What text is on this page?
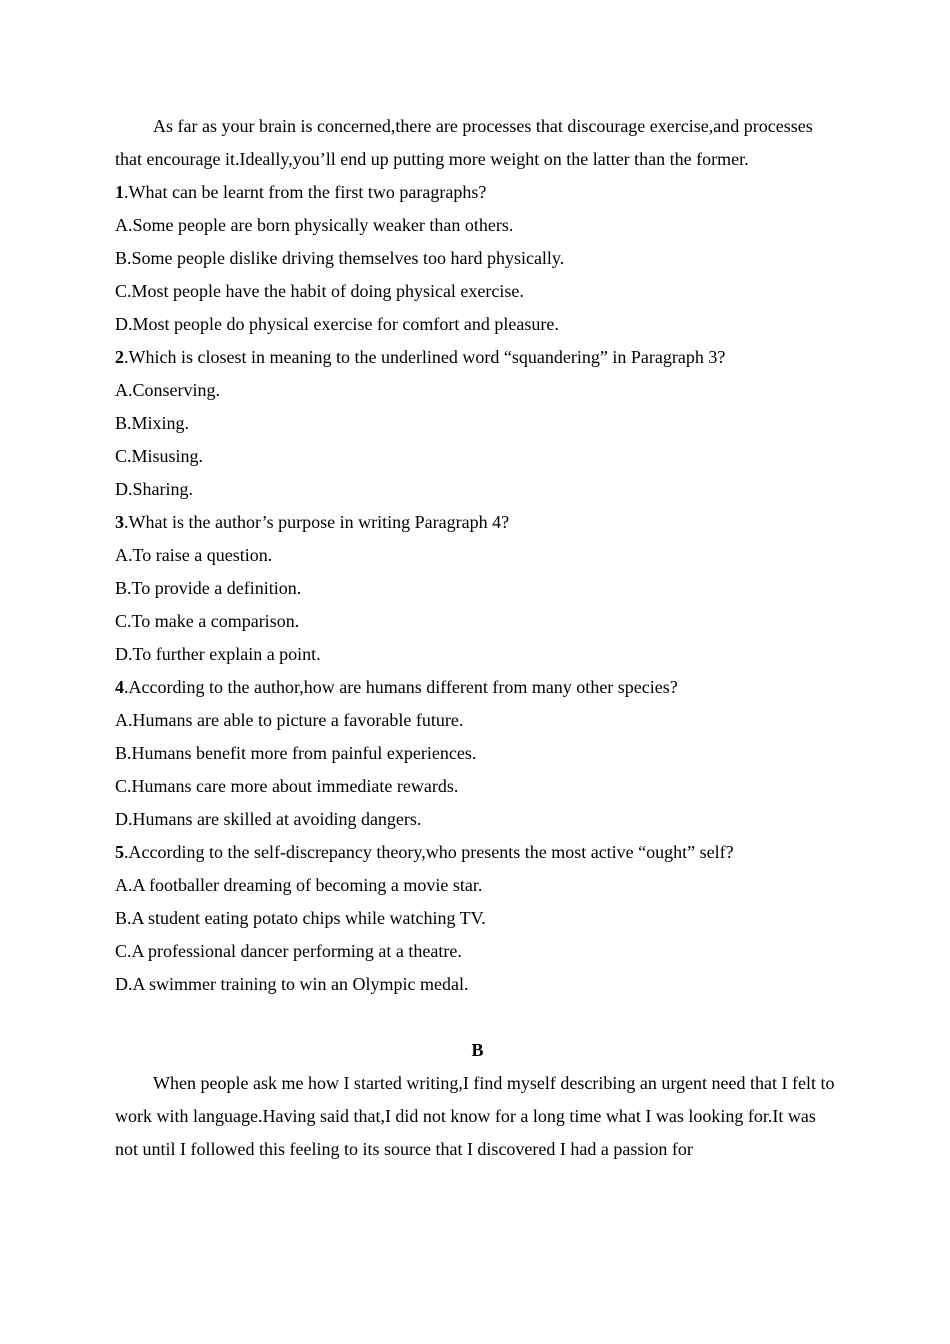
As far as your brain is concerned,there are processes that discourage exercise,and processes that encourage it.Ideally,you’ll end up putting more weight on the latter than the former.

1.What can be learnt from the first two paragraphs?

A.Some people are born physically weaker than others.

B.Some people dislike driving themselves too hard physically.

C.Most people have the habit of doing physical exercise.

D.Most people do physical exercise for comfort and pleasure.

2.Which is closest in meaning to the underlined word “squandering” in Paragraph 3?

A.Conserving.

B.Mixing.

C.Misusing.

D.Sharing.

3.What is the author’s purpose in writing Paragraph 4?

A.To raise a question.

B.To provide a definition.

C.To make a comparison.

D.To further explain a point.

4.According to the author,how are humans different from many other species?

A.Humans are able to picture a favorable future.

B.Humans benefit more from painful experiences.

C.Humans care more about immediate rewards.

D.Humans are skilled at avoiding dangers.

5.According to the self-discrepancy theory,who presents the most active “ought” self?

A.A footballer dreaming of becoming a movie star.

B.A student eating potato chips while watching TV.

C.A professional dancer performing at a theatre.

D.A swimmer training to win an Olympic medal.

B

When people ask me how I started writing,I find myself describing an urgent need that I felt to work with language.Having said that,I did not know for a long time what I was looking for.It was not until I followed this feeling to its source that I discovered I had a passion for
